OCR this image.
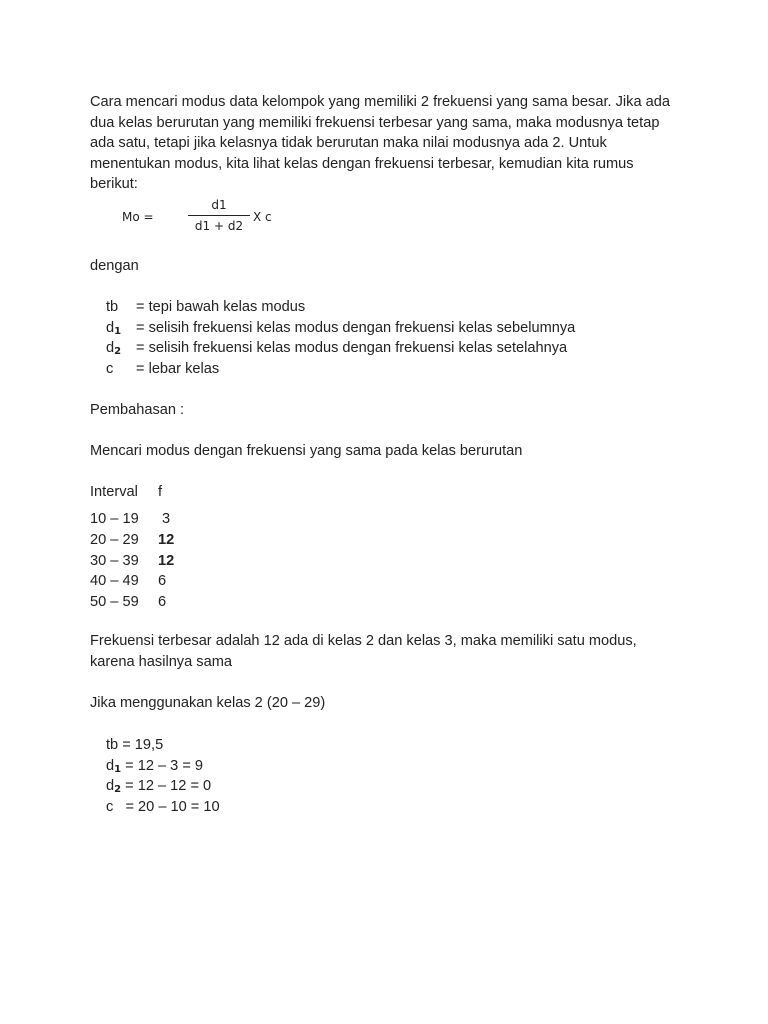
Cara mencari modus data kelompok yang memiliki 2 frekuensi yang sama besar. Jika ada dua kelas berurutan yang memiliki frekuensi terbesar yang sama, maka modusnya tetap ada satu, tetapi jika kelasnya tidak berurutan maka nilai modusnya ada 2. Untuk menentukan modus, kita lihat kelas dengan frekuensi terbesar, kemudian kita rumus berikut:
Mo =
d1
d1 + d2
X c
dengan
tb	= tepi bawah kelas modus
$d_1$	= selisih frekuensi kelas modus dengan frekuensi kelas sebelumnya
$d_2$	= selisih frekuensi kelas modus dengan frekuensi kelas setelahnya
c	= lebar kelas
Pembahasan :
Mencari modus dengan frekuensi yang sama pada kelas berurutan
Interval	f
10 – 19	3
20 – 29	12
30 – 39	12
40 – 49	6
50 – 59	6
Frekuensi terbesar adalah 12 ada di kelas 2 dan kelas 3, maka memiliki satu modus, karena hasilnya sama
Jika menggunakan kelas 2 (20 – 29)
tb = 19,5
$d_1 = 12 - 3 = 9$
$d_2 = 12 - 12 = 0$
c   = 20 – 10 = 10
